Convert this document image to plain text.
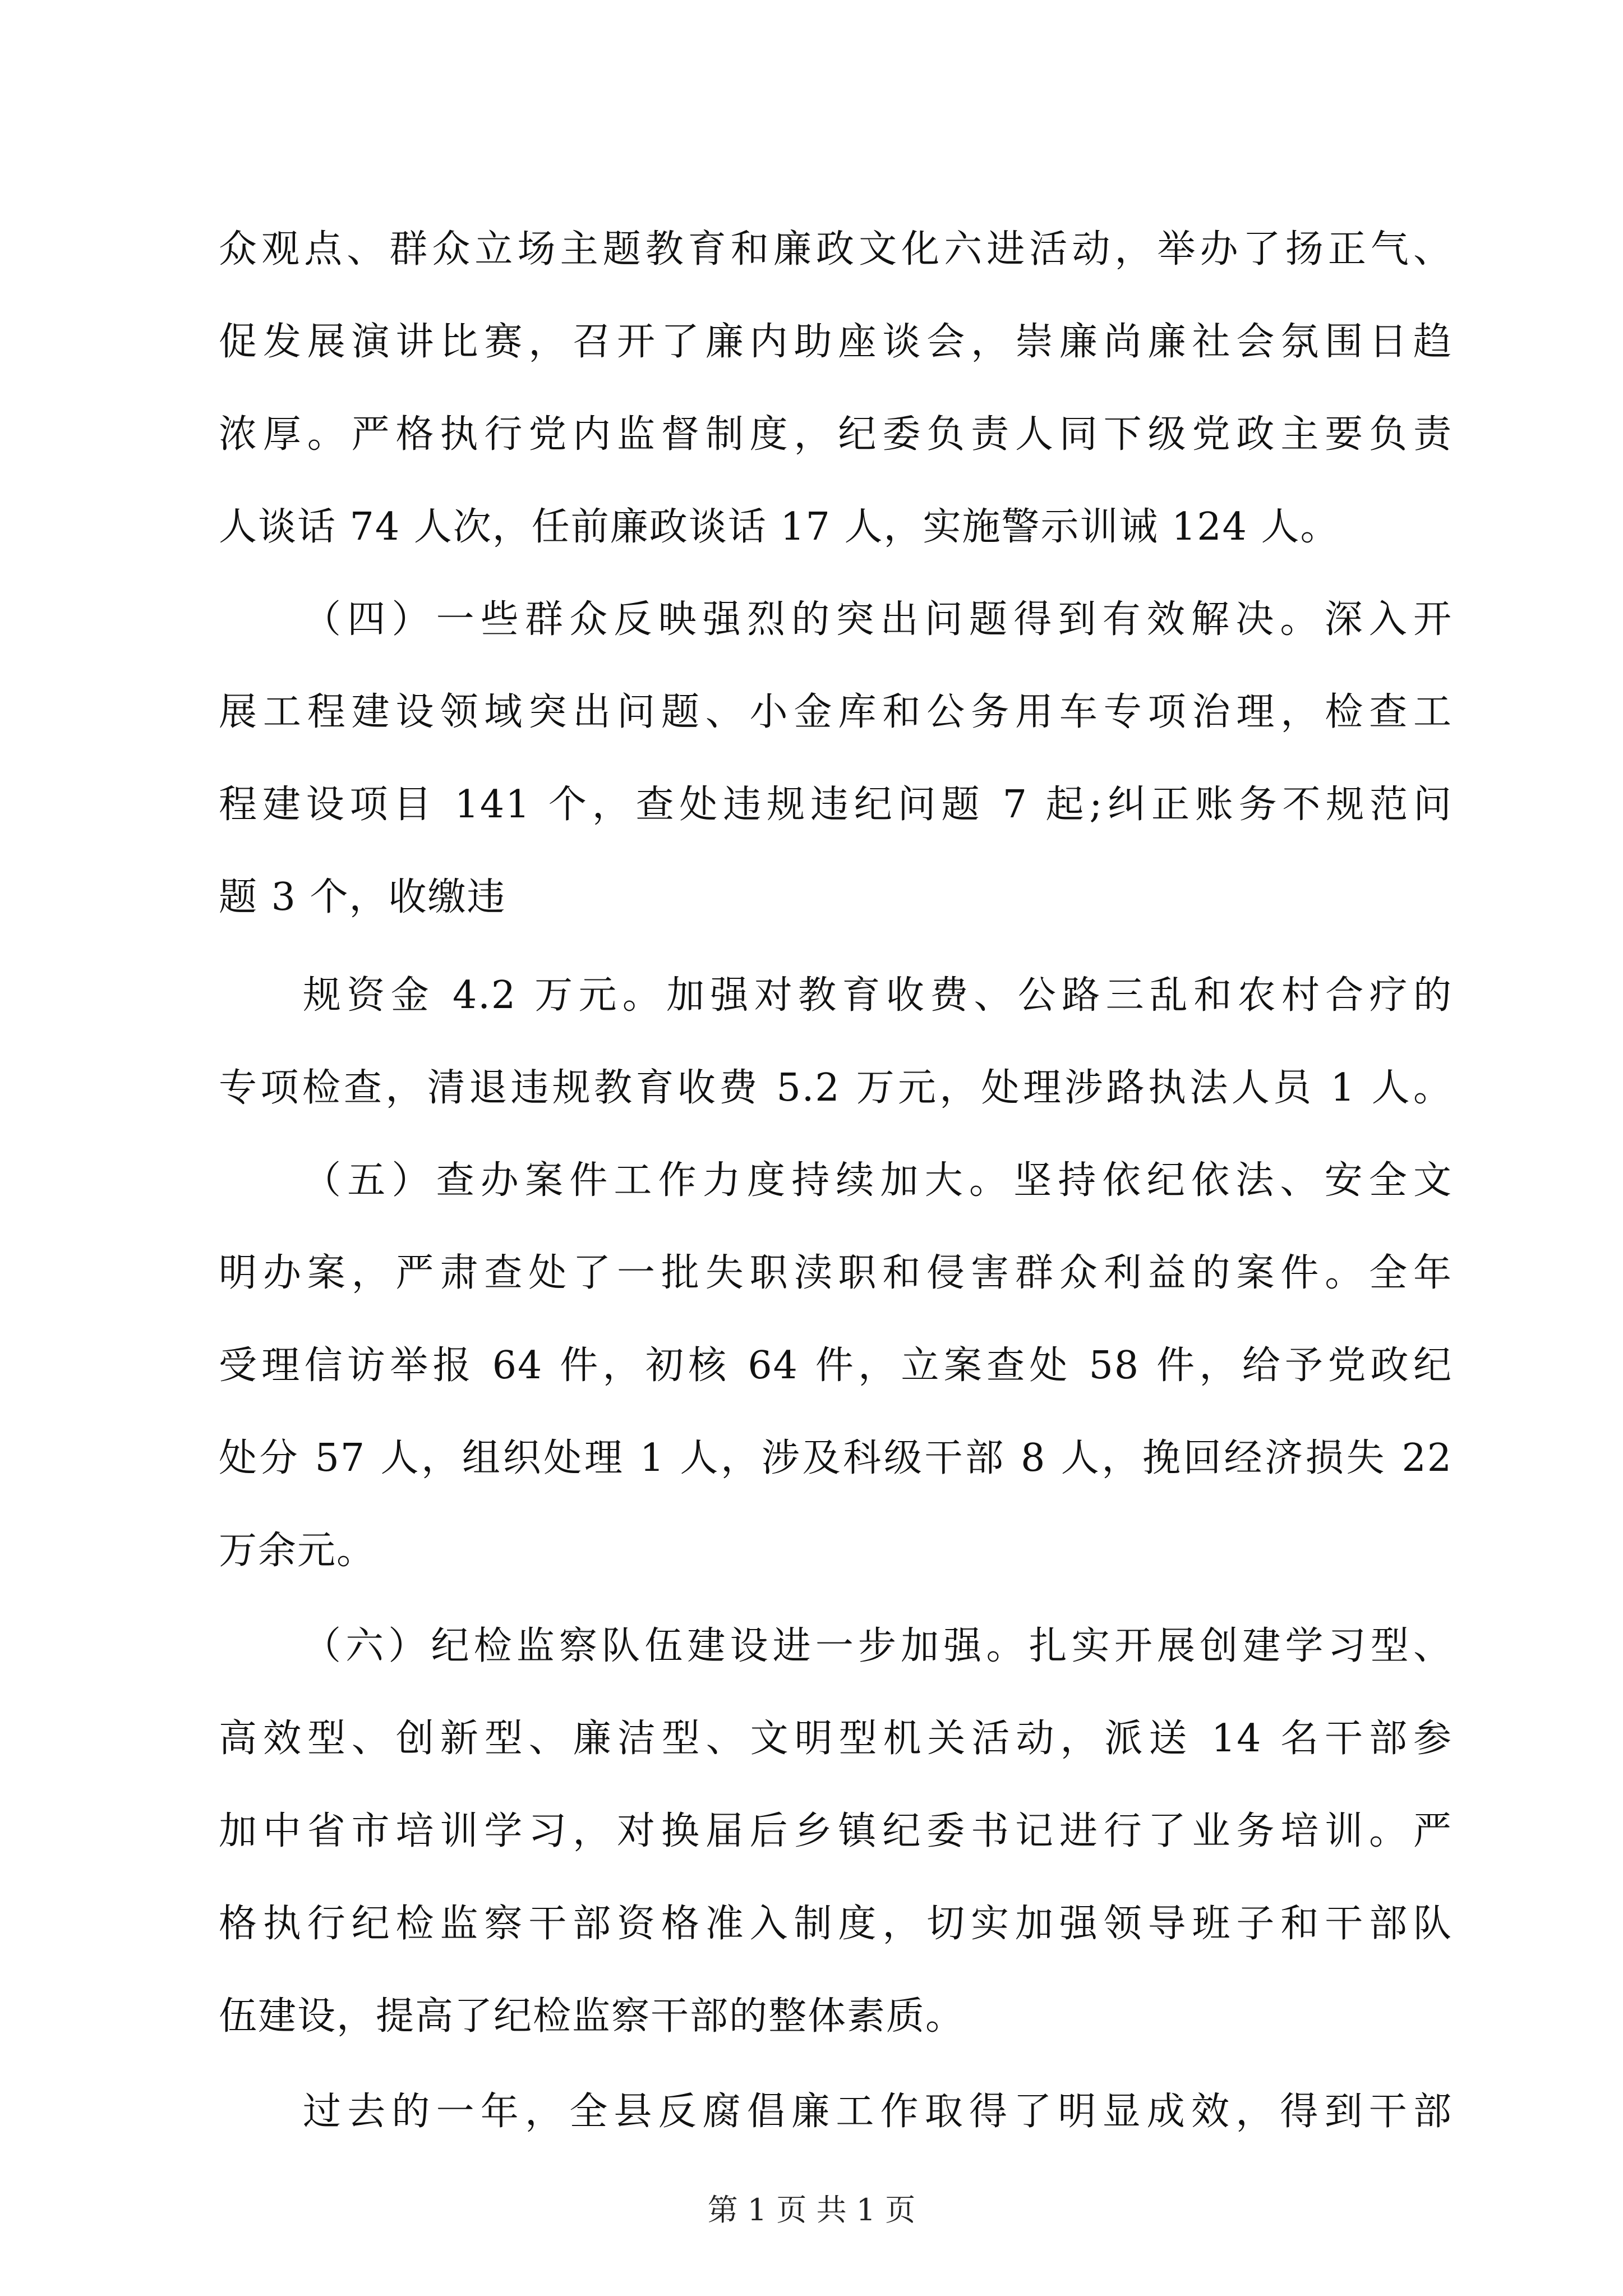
众观点、群众立场主题教育和廉政文化六进活动，举办了扬正气、
促发展演讲比赛，召开了廉内助座谈会，崇廉尚廉社会氛围日趋
浓厚。严格执行党内监督制度，纪委负责人同下级党政主要负责
人谈话 74 人次，任前廉政谈话 17 人，实施警示训诫 124 人。
（四）一些群众反映强烈的突出问题得到有效解决。深入开
展工程建设领域突出问题、小金库和公务用车专项治理，检查工
程建设项目 141 个，查处违规违纪问题 7 起;纠正账务不规范问
题 3 个，收缴违
规资金 4.2 万元。加强对教育收费、公路三乱和农村合疗的
专项检查，清退违规教育收费 5.2 万元，处理涉路执法人员 1 人。
（五）查办案件工作力度持续加大。坚持依纪依法、安全文
明办案，严肃查处了一批失职渎职和侵害群众利益的案件。全年
受理信访举报 64 件，初核 64 件，立案查处 58 件，给予党政纪
处分 57 人，组织处理 1 人，涉及科级干部 8 人，挽回经济损失 22
万余元。
（六）纪检监察队伍建设进一步加强。扎实开展创建学习型、
高效型、创新型、廉洁型、文明型机关活动，派送 14 名干部参
加中省市培训学习，对换届后乡镇纪委书记进行了业务培训。严
格执行纪检监察干部资格准入制度，切实加强领导班子和干部队
伍建设，提高了纪检监察干部的整体素质。
过去的一年，全县反腐倡廉工作取得了明显成效，得到干部
第 1 页 共 1 页
